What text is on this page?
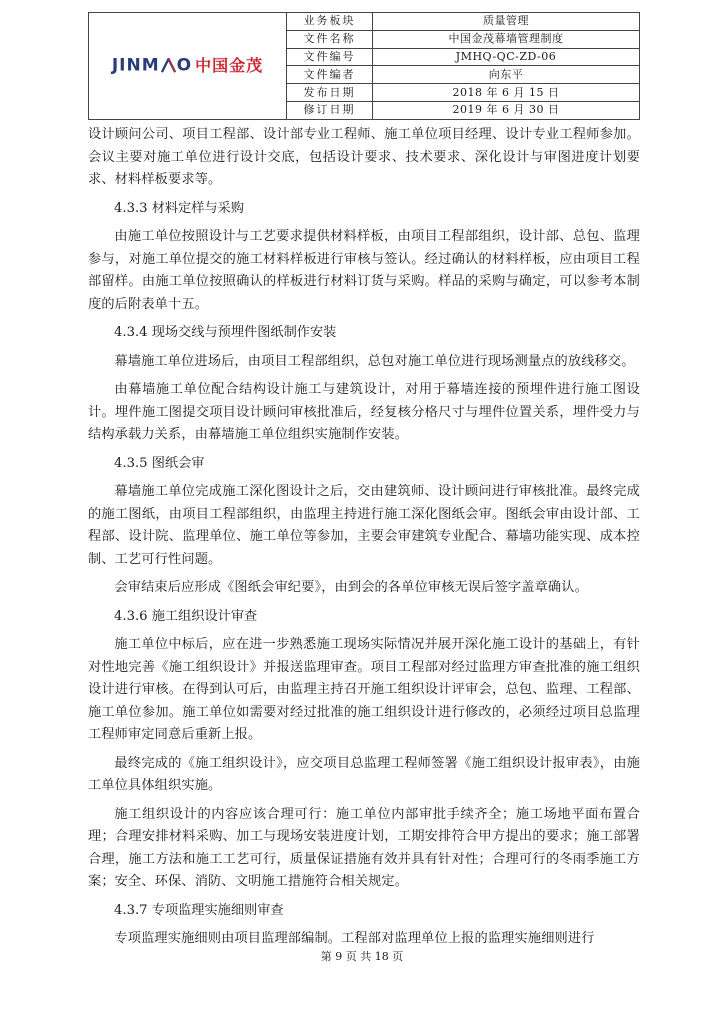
JINM O 中国金茂	业务板块	质量管理
	文件名称	中国金茂幕墙管理制度
	文件编号	JMHQ-QC-ZD-06
	文件编者	向东平
	发布日期	2018 年 6 月 15 日
	修订日期	2019 年 6 月 30 日

设计顾问公司、项目工程部、设计部专业工程师、施工单位项目经理、设计专业工程师参加。会议主要对施工单位进行设计交底，包括设计要求、技术要求、深化设计与审图进度计划要求、材料样板要求等。

4.3.3 材料定样与采购

由施工单位按照设计与工艺要求提供材料样板，由项目工程部组织，设计部、总包、监理参与，对施工单位提交的施工材料样板进行审核与签认。经过确认的材料样板，应由项目工程部留样。由施工单位按照确认的样板进行材料订货与采购。样品的采购与确定，可以参考本制度的后附表单十五。

4.3.4 现场交线与预埋件图纸制作安装

幕墙施工单位进场后，由项目工程部组织，总包对施工单位进行现场测量点的放线移交。

由幕墙施工单位配合结构设计施工与建筑设计，对用于幕墙连接的预埋件进行施工图设计。埋件施工图提交项目设计顾问审核批准后，经复核分格尺寸与埋件位置关系，埋件受力与结构承载力关系，由幕墙施工单位组织实施制作安装。

4.3.5 图纸会审

幕墙施工单位完成施工深化图设计之后，交由建筑师、设计顾问进行审核批准。最终完成的施工图纸，由项目工程部组织，由监理主持进行施工深化图纸会审。图纸会审由设计部、工程部、设计院、监理单位、施工单位等参加，主要会审建筑专业配合、幕墙功能实现、成本控制、工艺可行性问题。

会审结束后应形成《图纸会审纪要》，由到会的各单位审核无误后签字盖章确认。

4.3.6 施工组织设计审查

施工单位中标后，应在进一步熟悉施工现场实际情况并展开深化施工设计的基础上，有针对性地完善《施工组织设计》并报送监理审查。项目工程部对经过监理方审查批准的施工组织设计进行审核。在得到认可后，由监理主持召开施工组织设计评审会，总包、监理、工程部、施工单位参加。施工单位如需要对经过批准的施工组织设计进行修改的，必须经过项目总监理工程师审定同意后重新上报。

最终完成的《施工组织设计》，应交项目总监理工程师签署《施工组织设计报审表》，由施工单位具体组织实施。

施工组织设计的内容应该合理可行：施工单位内部审批手续齐全；施工场地平面布置合理；合理安排材料采购、加工与现场安装进度计划，工期安排符合甲方提出的要求；施工部署合理，施工方法和施工工艺可行，质量保证措施有效并具有针对性；合理可行的冬雨季施工方案；安全、环保、消防、文明施工措施符合相关规定。

4.3.7 专项监理实施细则审查

专项监理实施细则由项目监理部编制。工程部对监理单位上报的监理实施细则进行

第 9 页 共 18 页
